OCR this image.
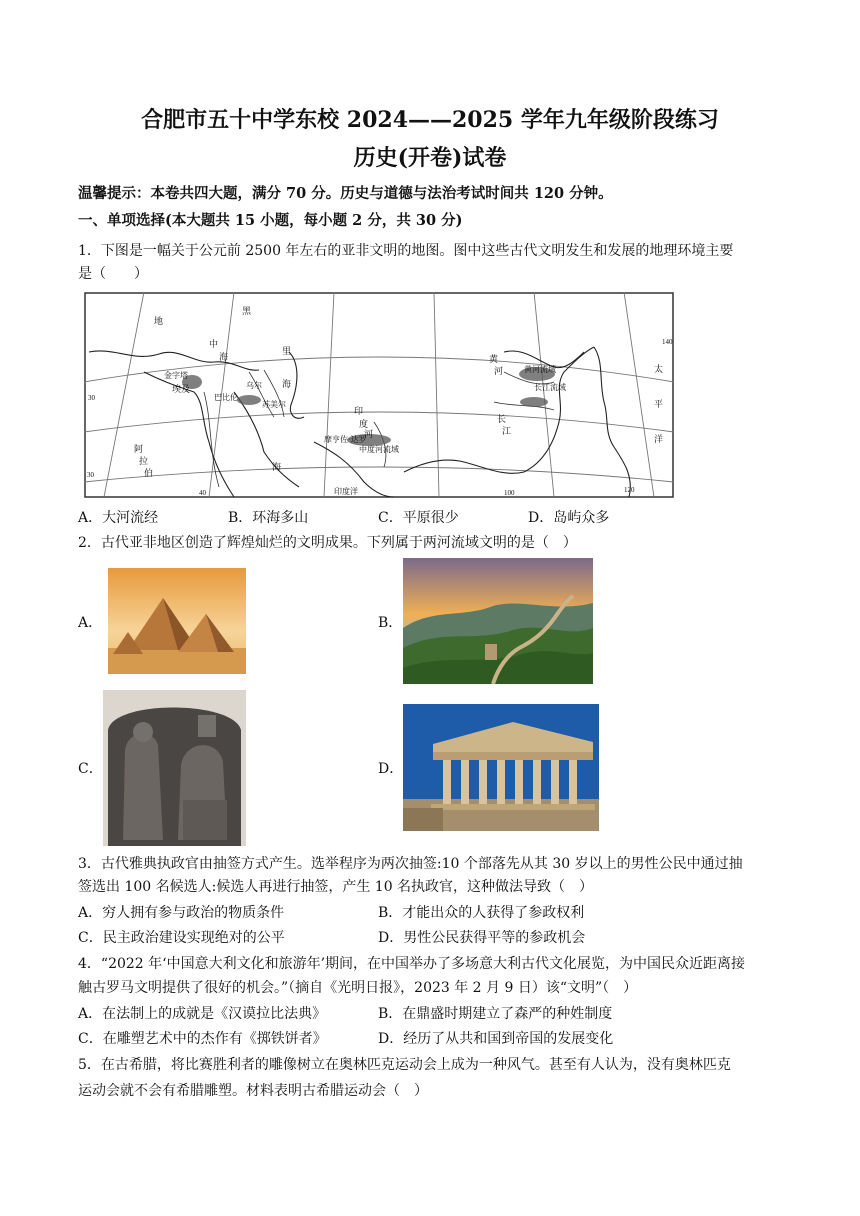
合肥市五十中学东校 2024——2025 学年九年级阶段练习
历史(开卷)试卷
温馨提示：本卷共四大题，满分 70 分。历史与道德与法治考试时间共 120 分钟。
一、单项选择(本大题共 15 小题，每小题 2 分，共 30 分)
1．下图是一幅关于公元前 2500 年左右的亚非文明的地图。图中这些古代文明发生和发展的地理环境主要
是（　　）
地
中
海
黑
里
海
金字塔
埃及
巴比伦
乌尔
苏美尔
印
度
河
摩亨佐·达罗
中度河流域
黄
河	黄河流域
长
江
长江流域
太
平
洋
阿
拉
伯
海
印度洋
30
30
40	100	120
140
A．大河流经	B．环海多山	C．平原很少	D．岛屿众多
2．古代亚非地区创造了辉煌灿烂的文明成果。下列属于两河流域文明的是（　）
A．	B．
C．	D．
3．古代雅典执政官由抽签方式产生。选举程序为两次抽签:10 个部落先从其 30 岁以上的男性公民中通过抽
签选出 100 名候选人:候选人再进行抽签，产生 10 名执政官，这种做法导致（　）
A．穷人拥有参与政治的物质条件	B．才能出众的人获得了参政权利
C．民主政治建设实现绝对的公平	D．男性公民获得平等的参政机会
4．“2022 年‘中国意大利文化和旅游年’期间，在中国举办了多场意大利古代文化展览，为中国民众近距离接
触古罗马文明提供了很好的机会。”（摘自《光明日报》，2023 年 2 月 9 日）该“文明”（　）
A．在法制上的成就是《汉谟拉比法典》	B．在鼎盛时期建立了森严的种姓制度
C．在雕塑艺术中的杰作有《掷铁饼者》	D．经历了从共和国到帝国的发展变化
5．在古希腊，将比赛胜利者的雕像树立在奥林匹克运动会上成为一种风气。甚至有人认为，没有奥林匹克
运动会就不会有希腊雕塑。材料表明古希腊运动会（　）
